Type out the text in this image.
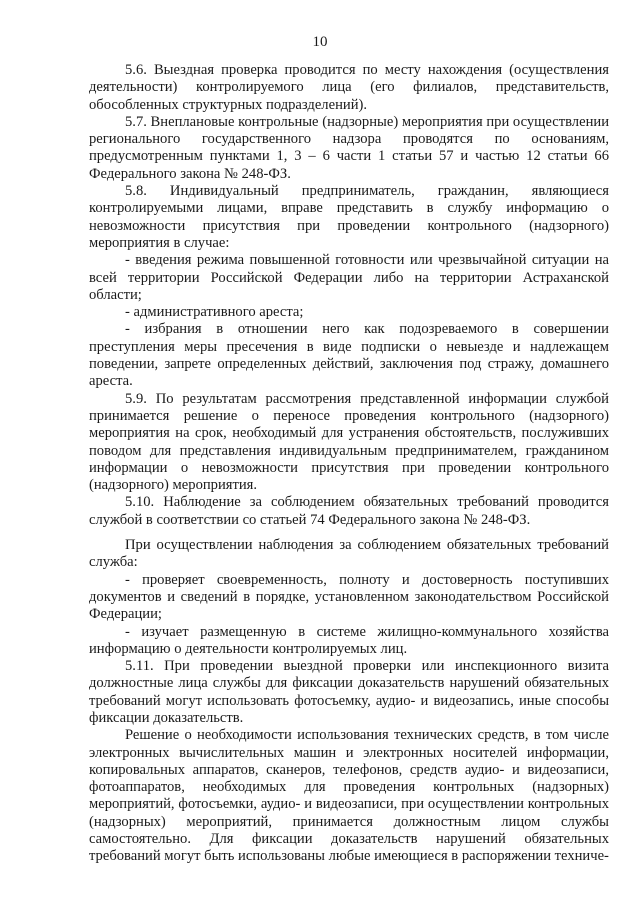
10

5.6. Выездная проверка проводится по месту нахождения (осуществления деятельности) контролируемого лица (его филиалов, представительств, обособленных структурных подразделений).

5.7. Внеплановые контрольные (надзорные) мероприятия при осуществлении регионального государственного надзора проводятся по основаниям, предусмотренным пунктами 1, 3 – 6 части 1 статьи 57 и частью 12 статьи 66 Федерального закона № 248-ФЗ.

5.8. Индивидуальный предприниматель, гражданин, являющиеся контролируемыми лицами, вправе представить в службу информацию о невозможности присутствия при проведении контрольного (надзорного) мероприятия в случае:

- введения режима повышенной готовности или чрезвычайной ситуации на всей территории Российской Федерации либо на территории Астраханской области;

- административного ареста;

- избрания в отношении него как подозреваемого в совершении преступления меры пресечения в виде подписки о невыезде и надлежащем поведении, запрете определенных действий, заключения под стражу, домашнего ареста.

5.9. По результатам рассмотрения представленной информации службой принимается решение о переносе проведения контрольного (надзорного) мероприятия на срок, необходимый для устранения обстоятельств, послуживших поводом для представления индивидуальным предпринимателем, гражданином информации о невозможности присутствия при проведении контрольного (надзорного) мероприятия.

5.10. Наблюдение за соблюдением обязательных требований проводится службой в соответствии со статьей 74 Федерального закона № 248-ФЗ.

При осуществлении наблюдения за соблюдением обязательных требований служба:

- проверяет своевременность, полноту и достоверность поступивших документов и сведений в порядке, установленном законодательством Российской Федерации;

- изучает размещенную в системе жилищно-коммунального хозяйства информацию о деятельности контролируемых лиц.

5.11. При проведении выездной проверки или инспекционного визита должностные лица службы для фиксации доказательств нарушений обязательных требований могут использовать фотосъемку, аудио- и видеозапись, иные способы фиксации доказательств.

Решение о необходимости использования технических средств, в том числе электронных вычислительных машин и электронных носителей информации, копировальных аппаратов, сканеров, телефонов, средств аудио- и видеозаписи, фотоаппаратов, необходимых для проведения контрольных (надзорных) мероприятий, фотосъемки, аудио- и видеозаписи, при осуществлении контрольных (надзорных) мероприятий, принимается должностным лицом службы самостоятельно. Для фиксации доказательств нарушений обязательных требований могут быть использованы любые имеющиеся в распоряжении техниче-
